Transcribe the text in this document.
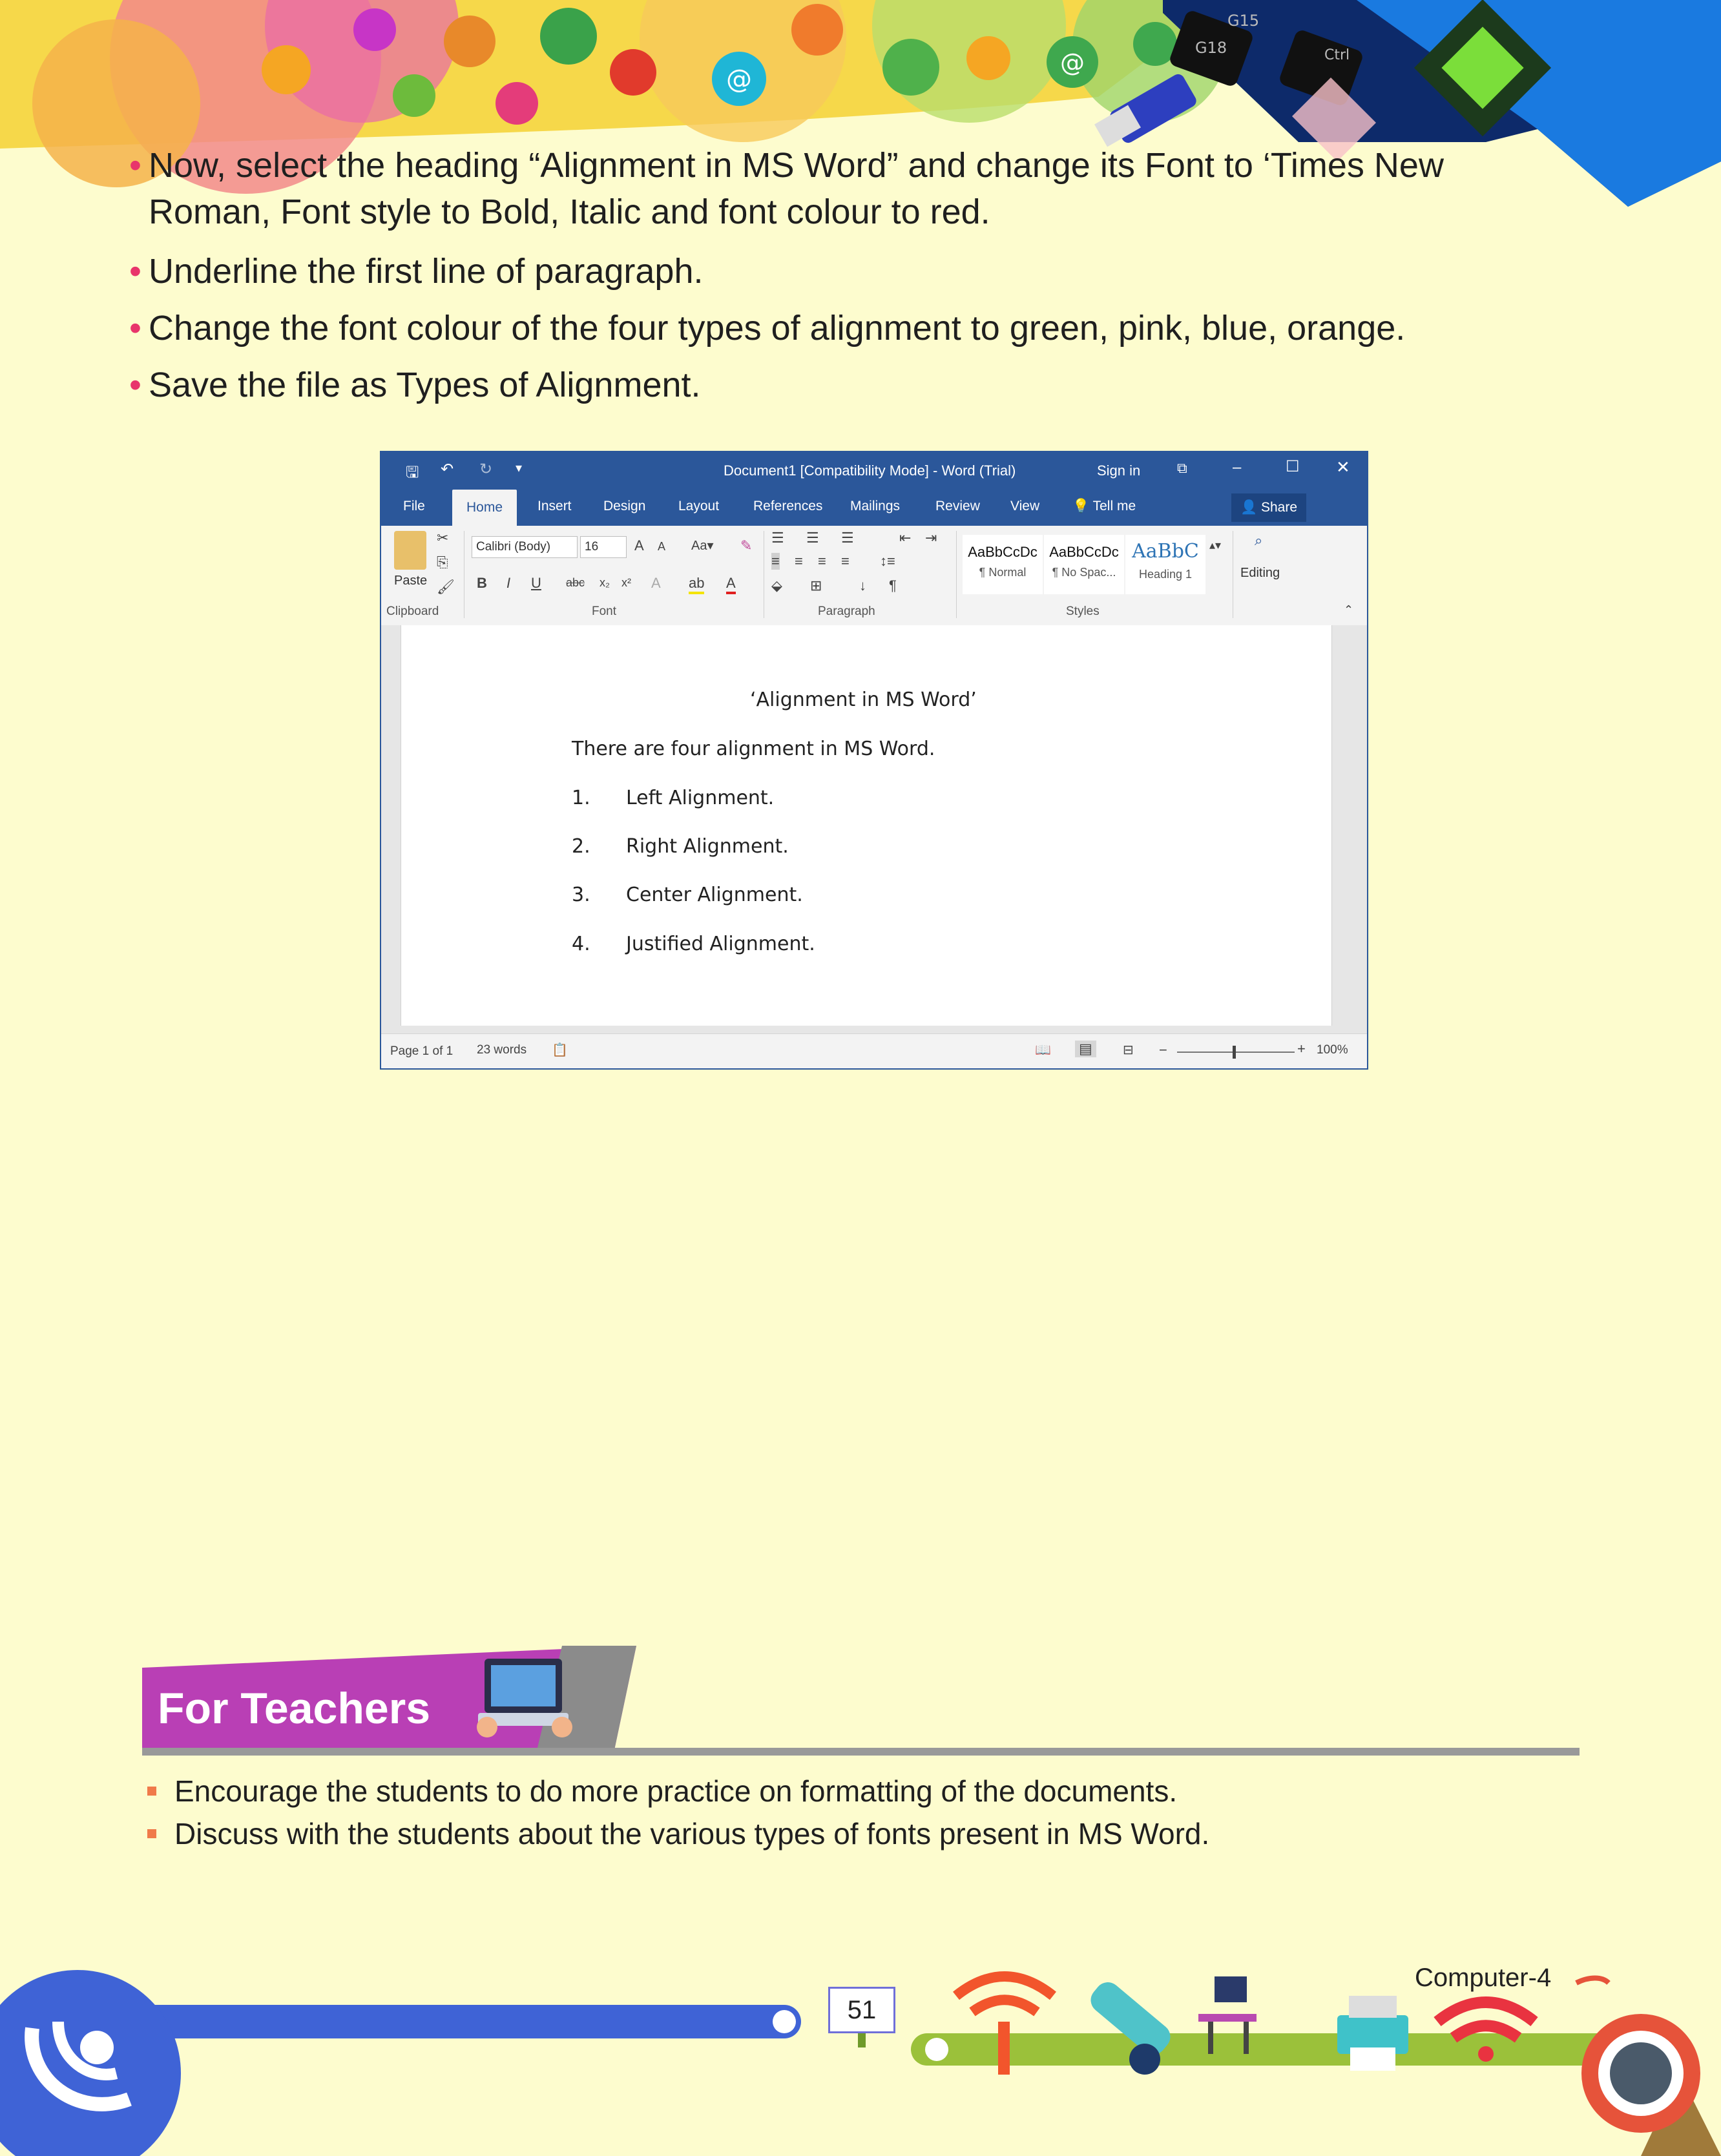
@
@
G15
G18	Ctrl
• Now, select the heading “Alignment in MS Word” and change its Font to ‘Times New
Roman, Font style to Bold, Italic and font colour to red.
• Underline the first line of paragraph.
• Change the font colour of the four types of alignment to green, pink, blue, orange.
• Save the file as Types of Alignment.
🖫 ↶ ↻ ▾	Document1 [Compatibility Mode] - Word (Trial)	Sign in	⧉	–	☐ ✕
File	Home	Insert Design Layout	References Mailings	Review View 💡 Tell me	👤 Share
Paste
✂
⎘
🖌
Clipboard
Calibri (Body)	16	A A Aa▾ ✎
B I U abc x₂ x² A ab A
Font
☰ ☰ ☰	⇤ ⇥
≡ ≡ ≡ ≡ ↕≡
⬙ ⊞	↓ ¶
Paragraph
AaBbCcDc
¶ Normal
AaBbCcDc
¶ No Spac...
AaBbC
Heading 1
▴▾
Styles
⌕
Editing
⌃
‘Alignment in MS Word’
There are four alignment in MS Word.
1. Left Alignment.
2. Right Alignment.
3. Center Alignment.
4. Justified Alignment.
Page 1 of 1 23 words 📋	📖 ▤	⊟ −	+ 100%
For Teachers
Encourage the students to do more practice on formatting of the documents.
Discuss with the students about the various types of fonts present in MS Word.
Computer-4
51
